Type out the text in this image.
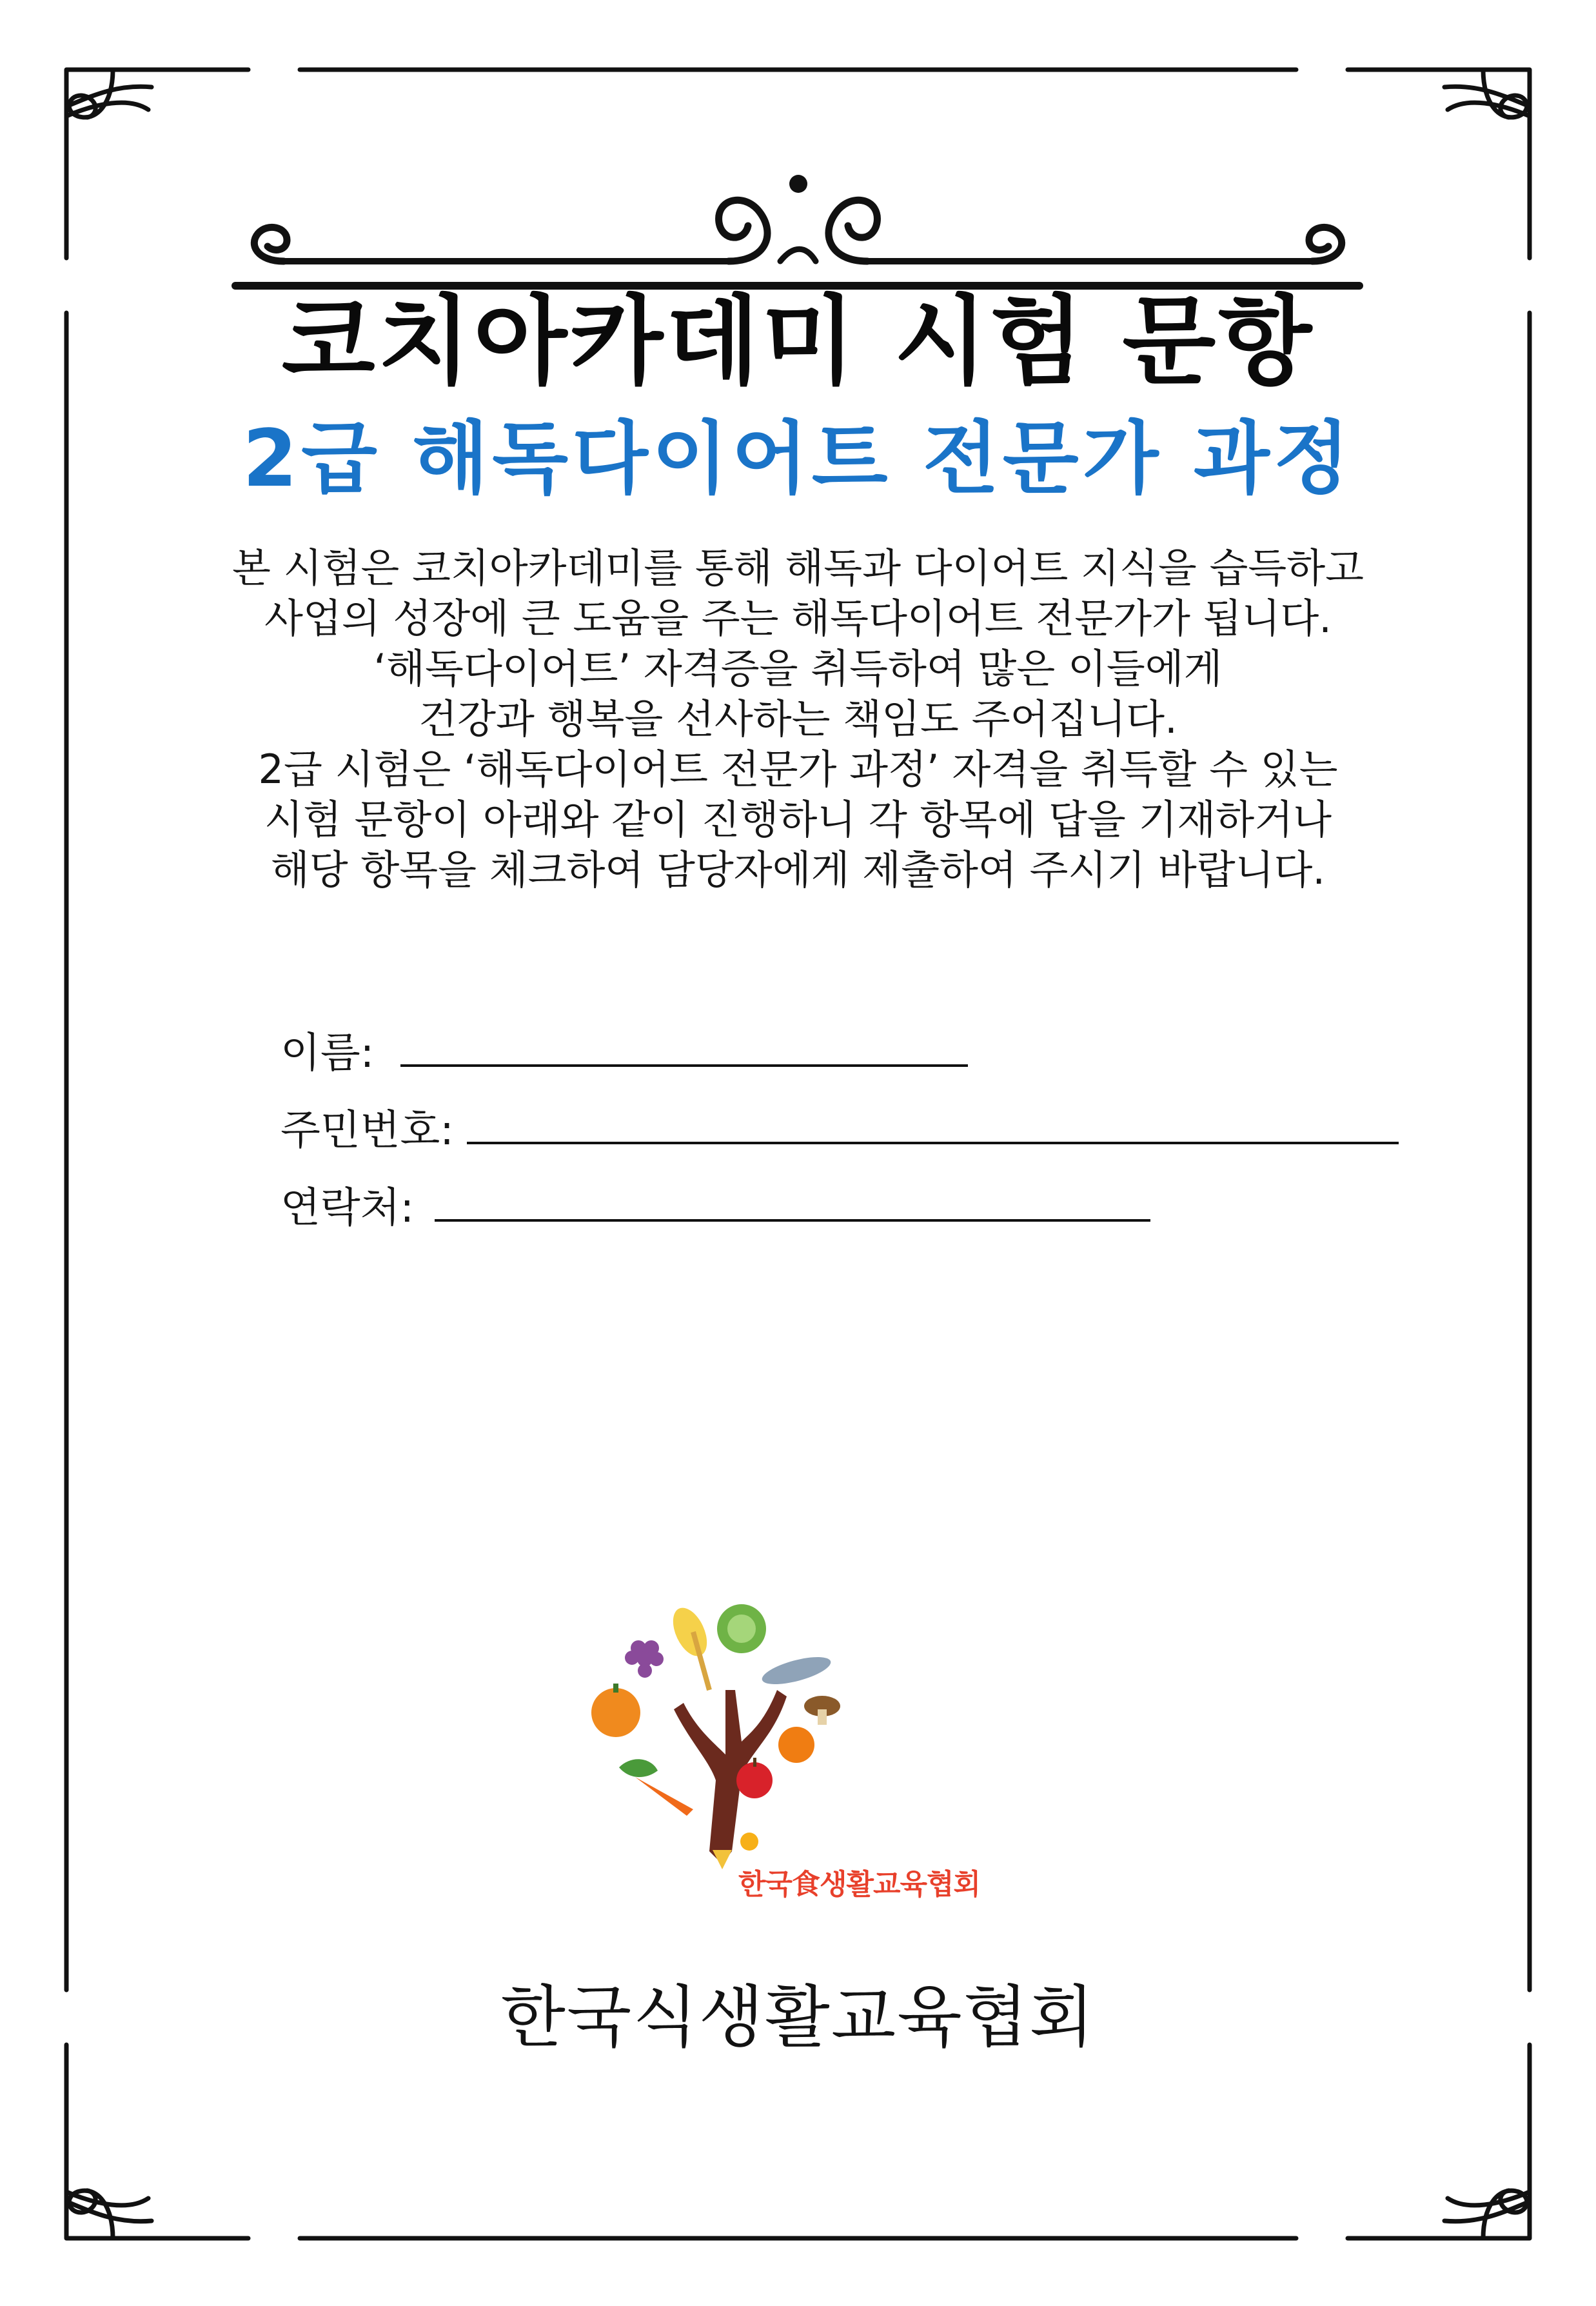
코치아카데미 시험 문항
2급 해독다이어트 전문가 과정
본 시험은 코치아카데미를 통해 해독과 다이어트 지식을 습득하고
사업의 성장에 큰 도움을 주는 해독다이어트 전문가가 됩니다.
‘해독다이어트’ 자격증을 취득하여 많은 이들에게
건강과 행복을 선사하는 책임도 주어집니다.
2급 시험은 ‘해독다이어트 전문가 과정’ 자격을 취득할 수 있는
시험 문항이 아래와 같이 진행하니 각 항목에 답을 기재하거나
해당 항목을 체크하여 담당자에게 제출하여 주시기 바랍니다.
이름:
주민번호:
연락처:
한국食생활교육협회
한국식생활교육협회
